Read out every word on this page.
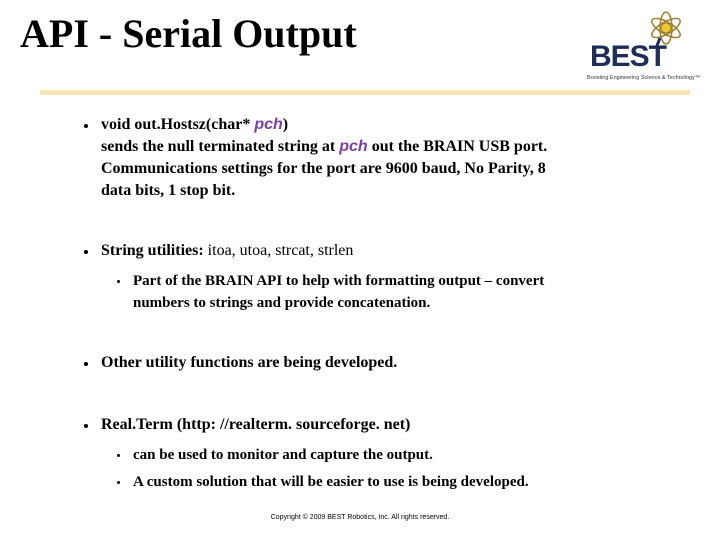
API - Serial Output
BEST
Boosting Engineering Science & Technology™
void out.Hostsz(char* pch)
sends the null terminated string at pch out the BRAIN USB port.
Communications settings for the port are 9600 baud, No Parity, 8
data bits, 1 stop bit.
String utilities: itoa, utoa, strcat, strlen
Part of the BRAIN API to help with formatting output – convert
numbers to strings and provide concatenation.
Other utility functions are being developed.
Real.Term (http: //realterm. sourceforge. net)
can be used to monitor and capture the output.
A custom solution that will be easier to use is being developed.
Copyright © 2009 BEST Robotics, Inc. All rights reserved.
